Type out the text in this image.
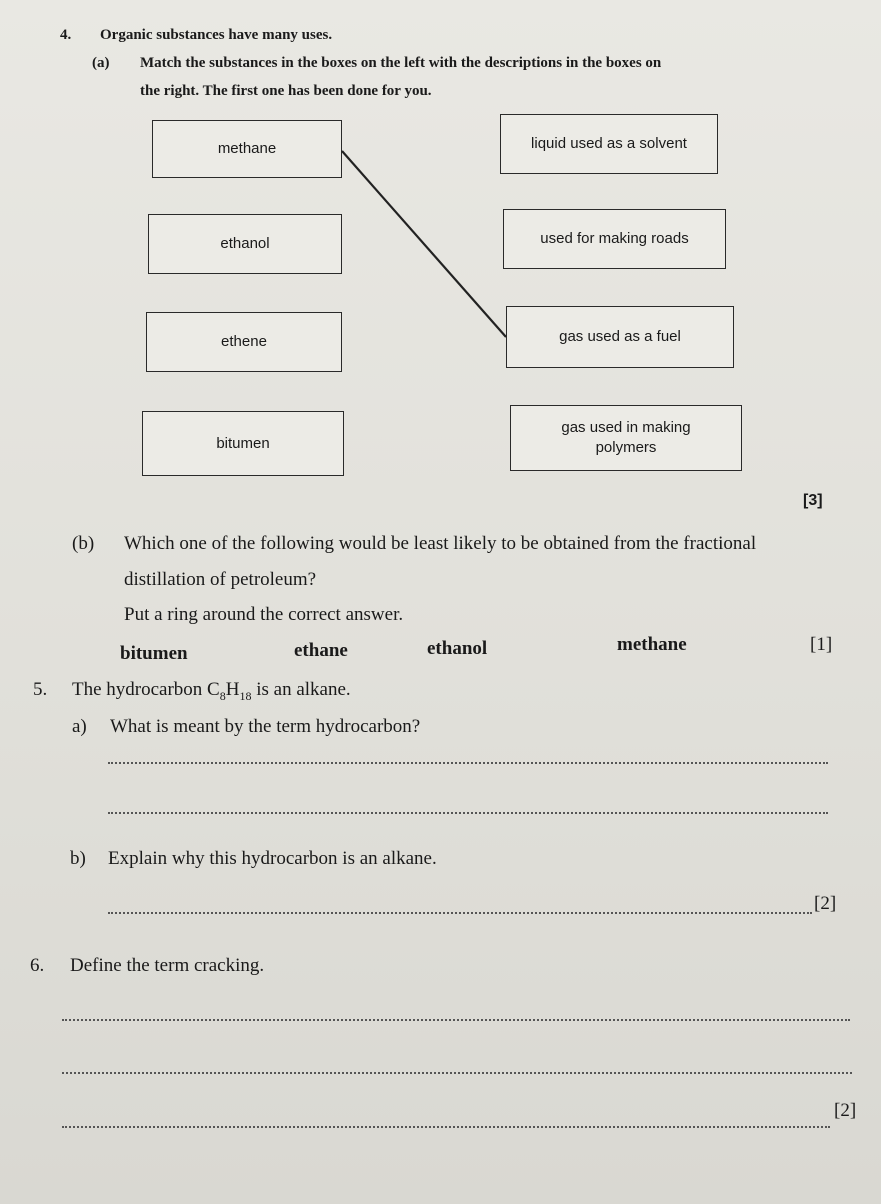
4. Organic substances have many uses.
(a) Match the substances in the boxes on the left with the descriptions in the boxes on
the right. The first one has been done for you.
methane
ethanol
ethene
bitumen
liquid used as a solvent
used for making roads
gas used as a fuel
gas used in making
polymers
[3]
(b) Which one of the following would be least likely to be obtained from the fractional
distillation of petroleum?
Put a ring around the correct answer.
bitumen	ethane	ethanol	methane	[1]
5. The hydrocarbon $C_8H_{18}$ is an alkane.
a) What is meant by the term hydrocarbon?
b) Explain why this hydrocarbon is an alkane.
[2]
6. Define the term cracking.
[2]
